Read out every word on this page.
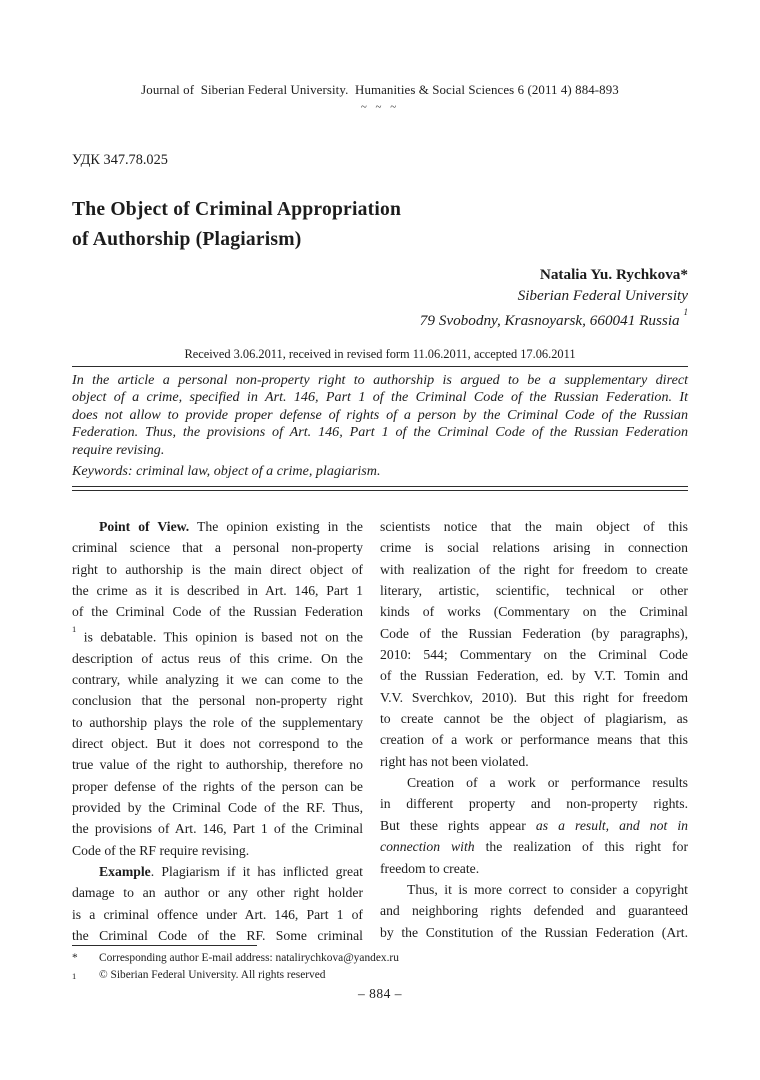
Journal of  Siberian Federal University.  Humanities & Social Sciences 6 (2011 4) 884-893
~ ~ ~
УДК 347.78.025
The Object of Criminal Appropriation
of Authorship (Plagiarism)
Natalia Yu. Rychkova*
Siberian Federal University
79 Svobodny, Krasnoyarsk, 660041 Russia $^1$
Received 3.06.2011, received in revised form 11.06.2011, accepted 17.06.2011
In the article a personal non-property right to authorship is argued to be a supplementary direct
object of a crime, specified in Art. 146, Part 1 of the Criminal Code of the Russian Federation. It
does not allow to provide proper defense of rights of a person by the Criminal Code of the Russian
Federation. Thus, the provisions of Art. 146, Part 1 of the Criminal Code of the Russian Federation
require revising.
Keywords: criminal law, object of a crime, plagiarism.
Point of View. The opinion existing in the
criminal science that a personal non-property
right to authorship is the main direct object of
the crime as it is described in Art. 146, Part 1
of the Criminal Code of the Russian Federation
$^1$ is debatable. This opinion is based not on the
description of actus reus of this crime. On the
contrary, while analyzing it we can come to the
conclusion that the personal non-property right
to authorship plays the role of the supplementary
direct object. But it does not correspond to the
true value of the right to authorship, therefore no
proper defense of the rights of the person can be
provided by the Criminal Code of the RF. Thus,
the provisions of Art. 146, Part 1 of the Criminal
Code of the RF require revising.
Example. Plagiarism if it has inflicted great
damage to an author or any other right holder
is a criminal offence under Art. 146, Part 1 of
the Criminal Code of the RF. Some criminal
scientists notice that the main object of this
crime is social relations arising in connection
with realization of the right for freedom to create
literary, artistic, scientific, technical or other
kinds of works (Commentary on the Criminal
Code of the Russian Federation (by paragraphs),
2010: 544; Commentary on the Criminal Code
of the Russian Federation, ed. by V.T. Tomin and
V.V. Sverchkov, 2010). But this right for freedom
to create cannot be the object of plagiarism, as
creation of a work or performance means that this
right has not been violated.
Creation of a work or performance results
in different property and non-property rights.
But these rights appear as a result, and not in
connection with the realization of this right for
freedom to create.
Thus, it is more correct to consider a copyright
and neighboring rights defended and guaranteed
by the Constitution of the Russian Federation (Art.
*	Corresponding author E-mail address: natalirychkova@yandex.ru
1	© Siberian Federal University. All rights reserved
– 884 –
